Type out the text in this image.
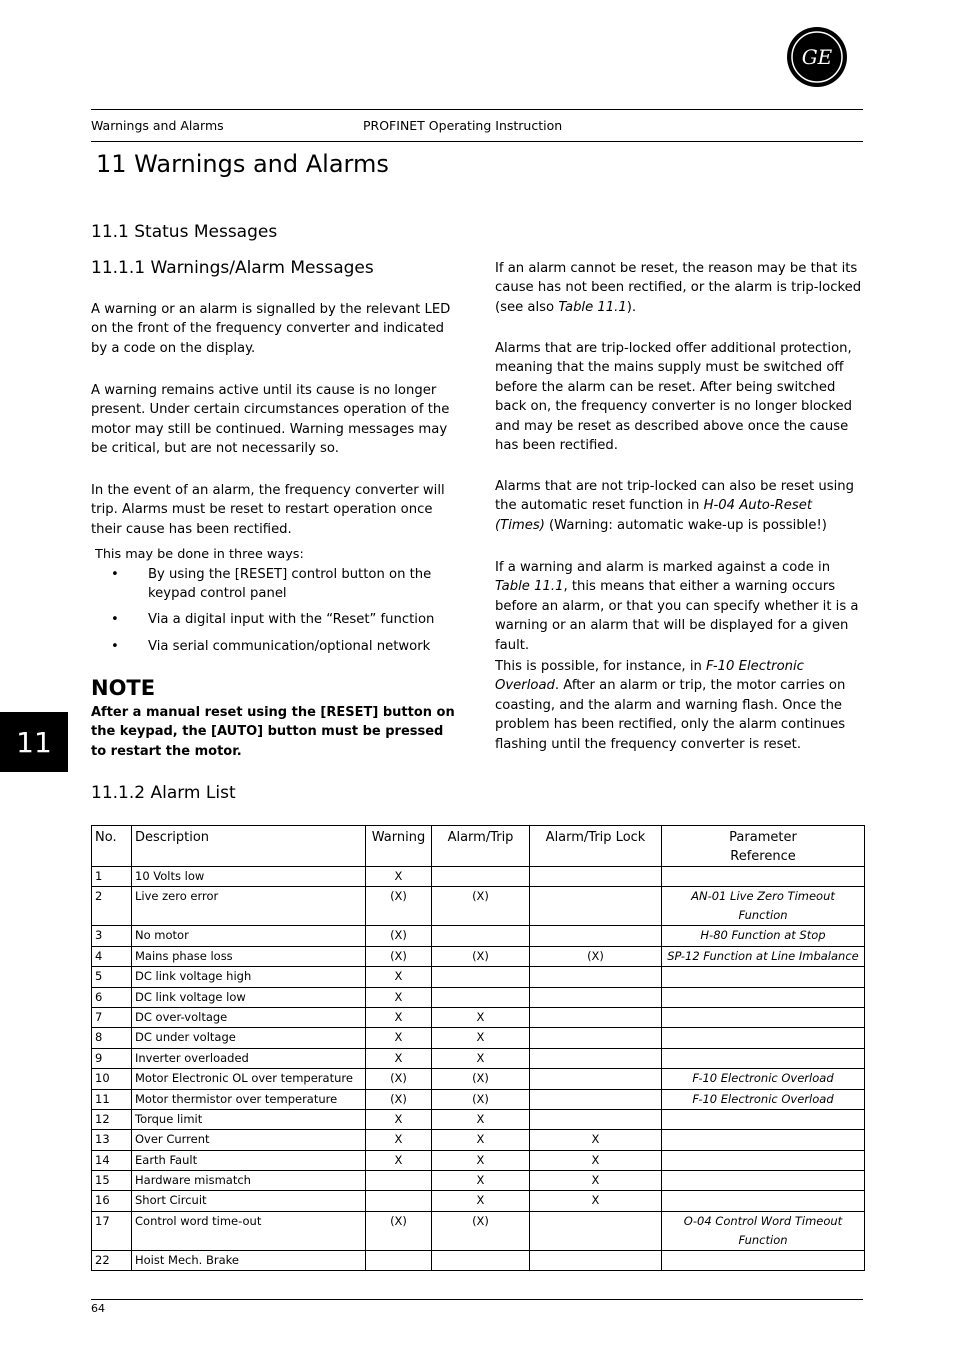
GE
Warnings and Alarms	PROFINET Operating Instruction
11 Warnings and Alarms
11.1 Status Messages
11.1.1 Warnings/Alarm Messages
A warning or an alarm is signalled by the relevant LED on the front of the frequency converter and indicated by a code on the display.
A warning remains active until its cause is no longer present. Under certain circumstances operation of the motor may still be continued. Warning messages may be critical, but are not necessarily so.
In the event of an alarm, the frequency converter will trip. Alarms must be reset to restart operation once their cause has been rectified.
This may be done in three ways:
•	By using the [RESET] control button on the keypad control panel
•	Via a digital input with the “Reset” function
•	Via serial communication/optional network
NOTE
After a manual reset using the [RESET] button on the keypad, the [AUTO] button must be pressed to restart the motor.
If an alarm cannot be reset, the reason may be that its cause has not been rectified, or the alarm is trip-locked (see also Table 11.1).
Alarms that are trip-locked offer additional protection, meaning that the mains supply must be switched off before the alarm can be reset. After being switched back on, the frequency converter is no longer blocked and may be reset as described above once the cause has been rectified.
Alarms that are not trip-locked can also be reset using the automatic reset function in H-04 Auto-Reset (Times) (Warning: automatic wake-up is possible!)
If a warning and alarm is marked against a code in Table 11.1, this means that either a warning occurs before an alarm, or that you can specify whether it is a warning or an alarm that will be displayed for a given fault.
This is possible, for instance, in F-10 Electronic Overload. After an alarm or trip, the motor carries on coasting, and the alarm and warning flash. Once the problem has been rectified, only the alarm continues flashing until the frequency converter is reset.
11
11.1.2 Alarm List
No.	Description	Warning	Alarm/Trip	Alarm/Trip Lock	Parameter Reference
1	10 Volts low	X			
2	Live zero error	(X)	(X)		AN-01 Live Zero Timeout Function
3	No motor	(X)			H-80 Function at Stop
4	Mains phase loss	(X)	(X)	(X)	SP-12 Function at Line Imbalance
5	DC link voltage high	X			
6	DC link voltage low	X			
7	DC over-voltage	X	X		
8	DC under voltage	X	X		
9	Inverter overloaded	X	X		
10	Motor Electronic OL over temperature	(X)	(X)		F-10 Electronic Overload
11	Motor thermistor over temperature	(X)	(X)		F-10 Electronic Overload
12	Torque limit	X	X		
13	Over Current	X	X	X	
14	Earth Fault	X	X	X	
15	Hardware mismatch		X	X	
16	Short Circuit		X	X	
17	Control word time-out	(X)	(X)		O-04 Control Word Timeout Function
22	Hoist Mech. Brake				
64
